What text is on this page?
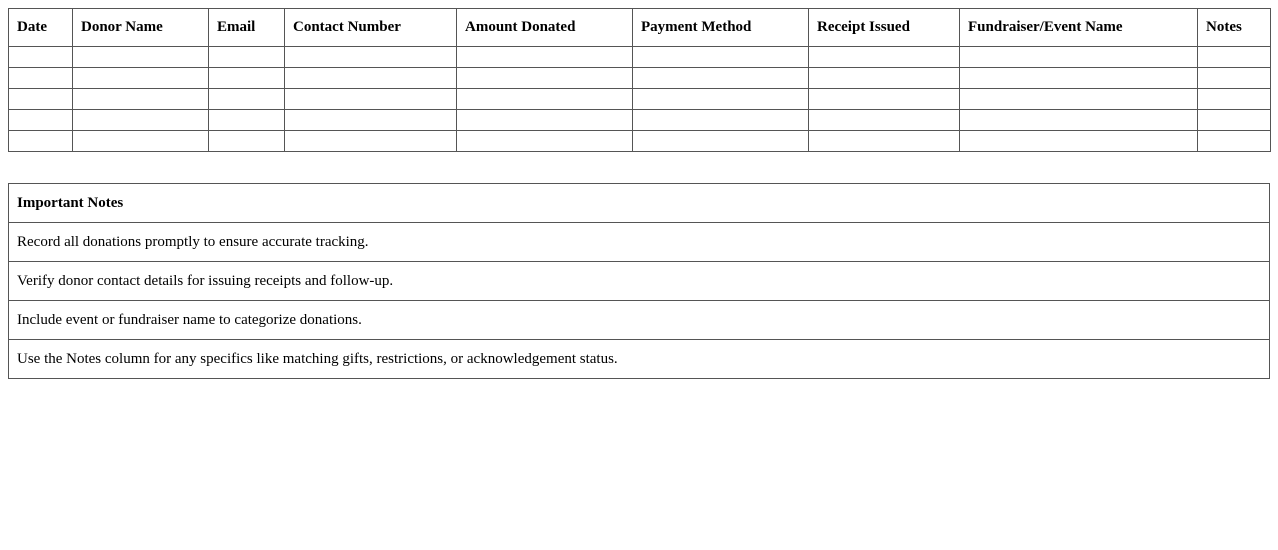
Date	Donor Name	Email	Contact Number	Amount Donated	Payment Method	Receipt Issued	Fundraiser/Event Name	Notes

Important Notes
Record all donations promptly to ensure accurate tracking.
Verify donor contact details for issuing receipts and follow-up.
Include event or fundraiser name to categorize donations.
Use the Notes column for any specifics like matching gifts, restrictions, or acknowledgement status.
